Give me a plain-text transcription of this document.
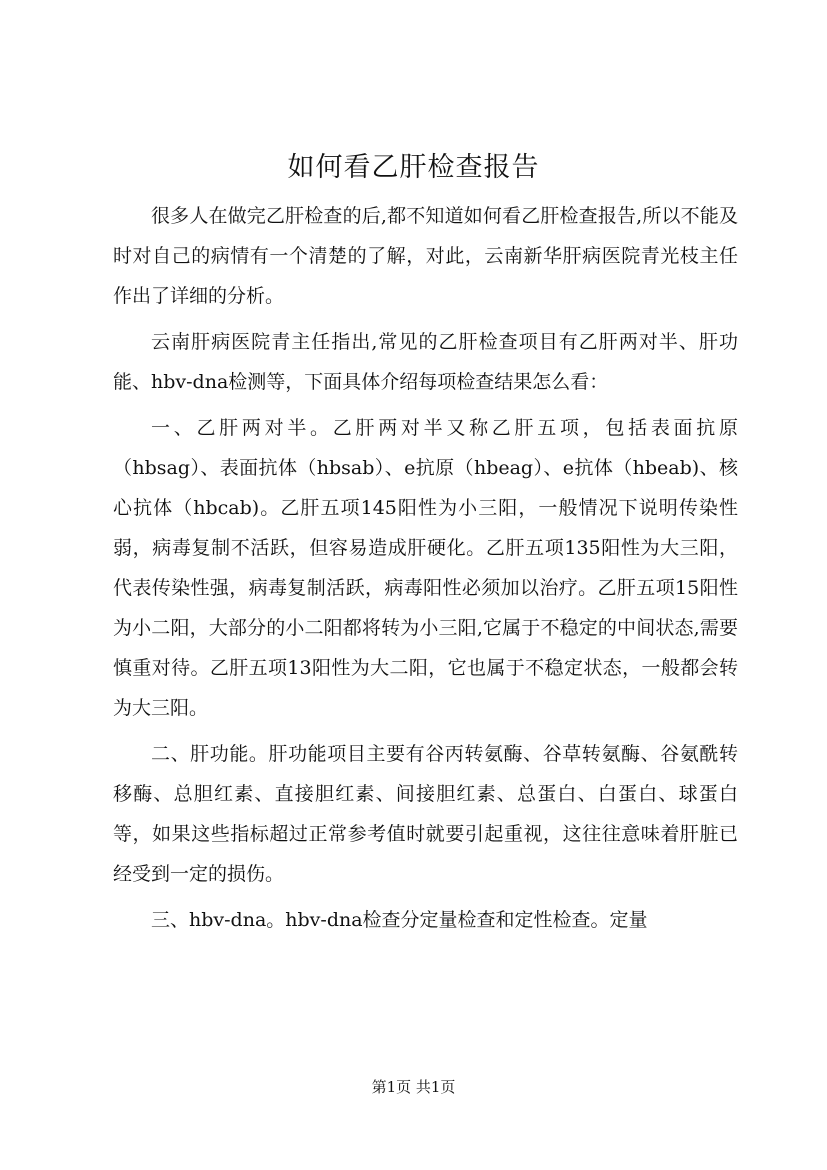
如何看乙肝检查报告

很多人在做完乙肝检查的后,都不知道如何看乙肝检查报告,所以不能及时对自己的病情有一个清楚的了解，对此，云南新华肝病医院青光枝主任作出了详细的分析。

云南肝病医院青主任指出,常见的乙肝检查项目有乙肝两对半、肝功能、hbv-dna检测等，下面具体介绍每项检查结果怎么看：

一、乙肝两对半。乙肝两对半又称乙肝五项，包括表面抗原（hbsag）、表面抗体（hbsab）、e抗原（hbeag）、e抗体（hbeab)、核心抗体（hbcab)。乙肝五项145阳性为小三阳，一般情况下说明传染性弱，病毒复制不活跃，但容易造成肝硬化。乙肝五项135阳性为大三阳，代表传染性强，病毒复制活跃，病毒阳性必须加以治疗。乙肝五项15阳性为小二阳，大部分的小二阳都将转为小三阳,它属于不稳定的中间状态,需要慎重对待。乙肝五项13阳性为大二阳，它也属于不稳定状态，一般都会转为大三阳。

二、肝功能。肝功能项目主要有谷丙转氨酶、谷草转氨酶、谷氨酰转移酶、总胆红素、直接胆红素、间接胆红素、总蛋白、白蛋白、球蛋白等，如果这些指标超过正常参考值时就要引起重视，这往往意味着肝脏已经受到一定的损伤。

三、hbv-dna。hbv-dna检查分定量检查和定性检查。定量

第1页 共1页
